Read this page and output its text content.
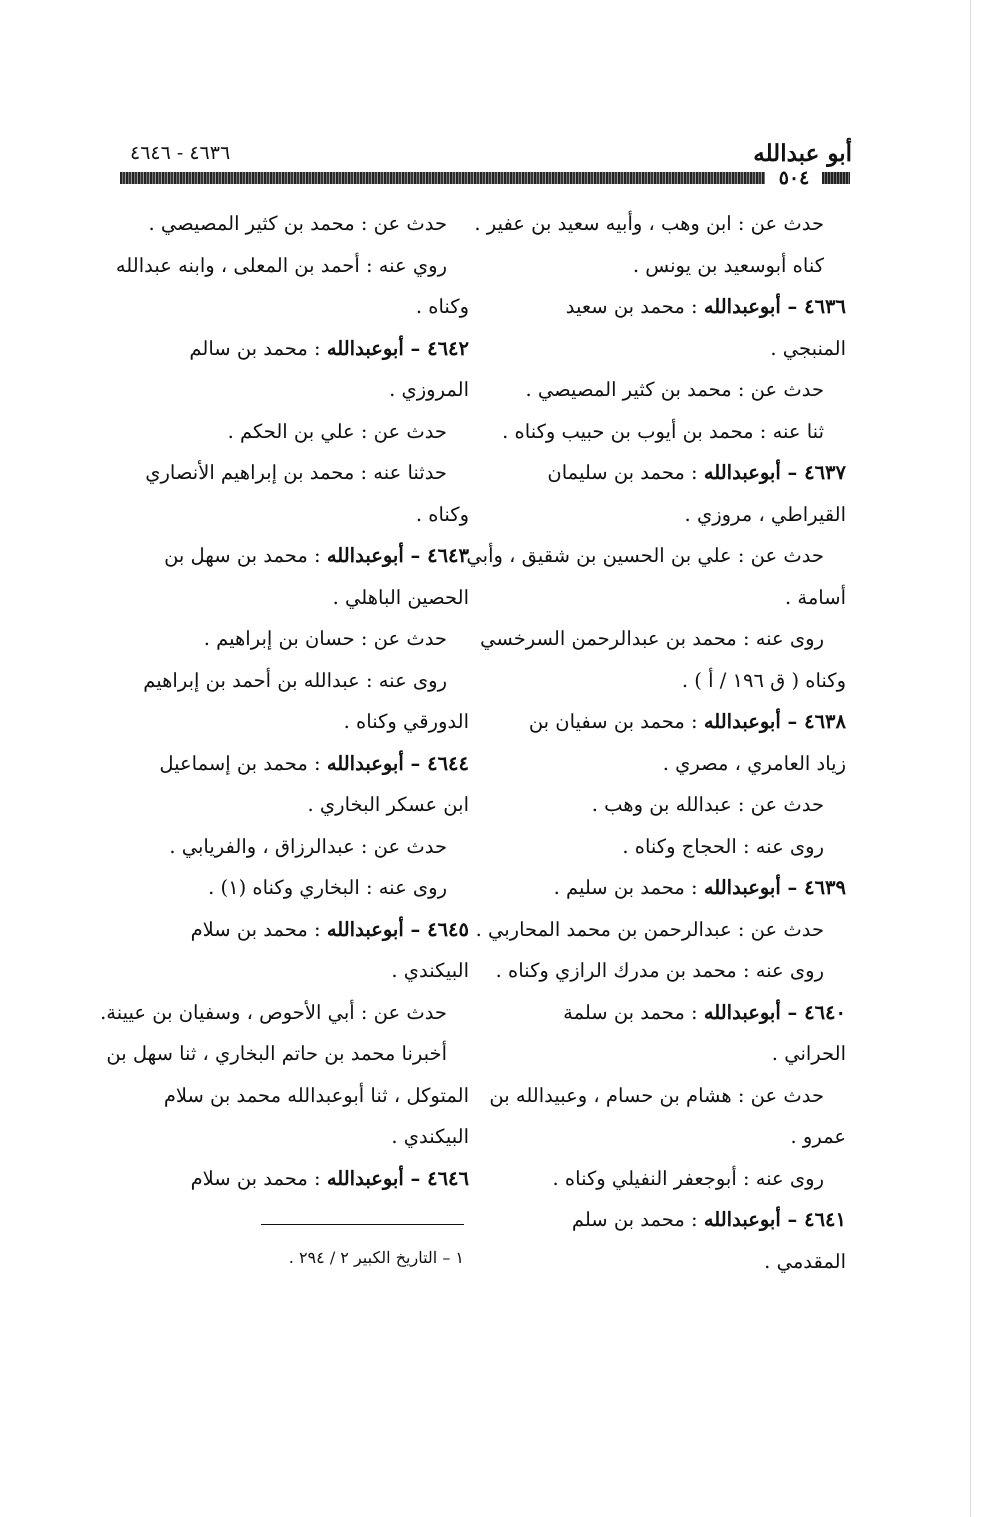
أبو عبدالله
٤٦٣٦ - ٤٦٤٦
٥٠٤
حدث عن : ابن وهب ، وأبيه سعيد بن عفير .
كناه أبوسعيد بن يونس .
٤٦٣٦ – أبوعبدالله : محمد بن سعيد
المنبجي .
حدث عن : محمد بن كثير المصيصي .
ثنا عنه : محمد بن أيوب بن حبيب وكناه .
٤٦٣٧ – أبوعبدالله : محمد بن سليمان
القيراطي ، مروزي .
حدث عن : علي بن الحسين بن شقيق ، وأبي
أسامة .
روى عنه : محمد بن عبدالرحمن السرخسي
وكناه ( ق ١٩٦ / أ ) .
٤٦٣٨ – أبوعبدالله : محمد بن سفيان بن
زياد العامري ، مصري .
حدث عن : عبدالله بن وهب .
روى عنه : الحجاج وكناه .
٤٦٣٩ – أبوعبدالله : محمد بن سليم .
حدث عن : عبدالرحمن بن محمد المحاربي .
روى عنه : محمد بن مدرك الرازي وكناه .
٤٦٤٠ – أبوعبدالله : محمد بن سلمة
الحراني .
حدث عن : هشام بن حسام ، وعبيدالله بن
عمرو .
روى عنه : أبوجعفر النفيلي وكناه .
٤٦٤١ – أبوعبدالله : محمد بن سلم
المقدمي .
حدث عن : محمد بن كثير المصيصي .
روي عنه : أحمد بن المعلى ، وابنه عبدالله
وكناه .
٤٦٤٢ – أبوعبدالله : محمد بن سالم
المروزي .
حدث عن : علي بن الحكم .
حدثنا عنه : محمد بن إبراهيم الأنصاري
وكناه .
٤٦٤٣ – أبوعبدالله : محمد بن سهل بن
الحصين الباهلي .
حدث عن : حسان بن إبراهيم .
روى عنه : عبدالله بن أحمد بن إبراهيم
الدورقي وكناه .
٤٦٤٤ – أبوعبدالله : محمد بن إسماعيل
ابن عسكر البخاري .
حدث عن : عبدالرزاق ، والفريابي .
روى عنه : البخاري وكناه (١) .
٤٦٤٥ – أبوعبدالله : محمد بن سلام
البيكندي .
حدث عن : أبي الأحوص ، وسفيان بن عيينة.
أخبرنا محمد بن حاتم البخاري ، ثنا سهل بن
المتوكل ، ثنا أبوعبدالله محمد بن سلام
البيكندي .
٤٦٤٦ – أبوعبدالله : محمد بن سلام
١ – التاريخ الكبير ٢ / ٢٩٤ .
